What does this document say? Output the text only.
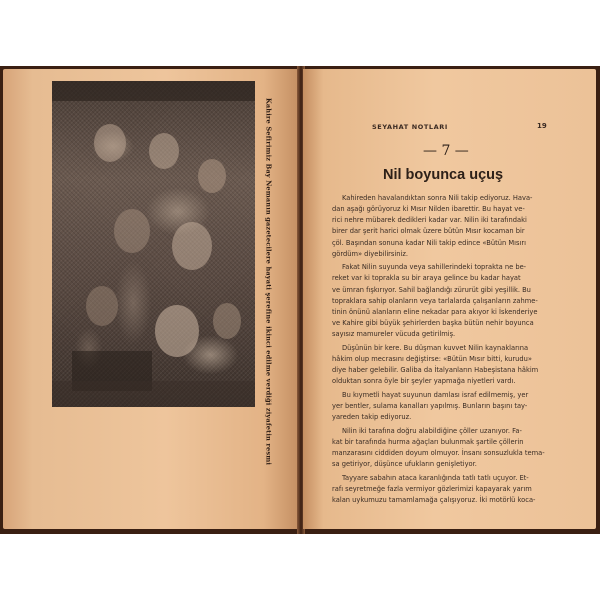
Kahire Sefirimiz Bay Nemanın gazetecilere hayati şerefine ikinci edilme verdiği ziyafetin resmi	SEYAHAT NOTLARI	19
— 7 —
Nil boyunca uçuş
Kahireden havalandıktan sonra Nili takip ediyoruz. Hava-
dan aşağı görüyoruz ki Mısır Nilden ibarettir. Bu hayat ve-
rici nehre mübarek dedikleri kadar var. Nilin iki tarafındaki
birer dar şerit harici olmak üzere bütün Mısır kocaman bir
çöl. Başından sonuna kadar Nili takip edince «Bütün Mısırı
gördüm» diyebilirsiniz.
Fakat Nilin suyunda veya sahillerindeki toprakta ne be-
reket var ki toprakla su bir araya gelince bu kadar hayat
ve ümran fışkırıyor. Sahil bağlandığı zürurüt gibi yeşillik. Bu
topraklara sahip olanların veya tarlalarda çalışanların zahme-
tinin önünü alanların eline nekadar para akıyor ki İskenderiye
ve Kahire gibi büyük şehirlerden başka bütün nehir boyunca
sayısız mamureler vücuda getirilmiş.
Düşünün bir kere. Bu düşman kuvvet Nilin kaynaklarına
hâkim olup mecrasını değiştirse: «Bütün Mısır bitti, kurudu»
diye haber gelebilir. Galiba da İtalyanların Habeşistana hâkim
olduktan sonra öyle bir şeyler yapmağa niyetleri vardı.
Bu kıymetli hayat suyunun damlası israf edilmemiş, yer
yer bentler, sulama kanalları yapılmış. Bunların başını tay-
yareden takip ediyoruz.
Nilin iki tarafına doğru alabildiğine çöller uzanıyor. Fa-
kat bir tarafında hurma ağaçları bulunmak şartile çöllerin
manzarasını ciddiden doyum olmuyor. İnsanı sonsuzlukla tema-
sa getiriyor, düşünce ufukların genişletiyor.
Tayyare sabahın ataca karanlığında tatlı tatlı uçuyor. Et-
rafı seyretmeğe fazla vermiyor gözlerimizi kapayarak yarım
kalan uykumuzu tamamlamağa çalışıyoruz. İki motörlü koca-
